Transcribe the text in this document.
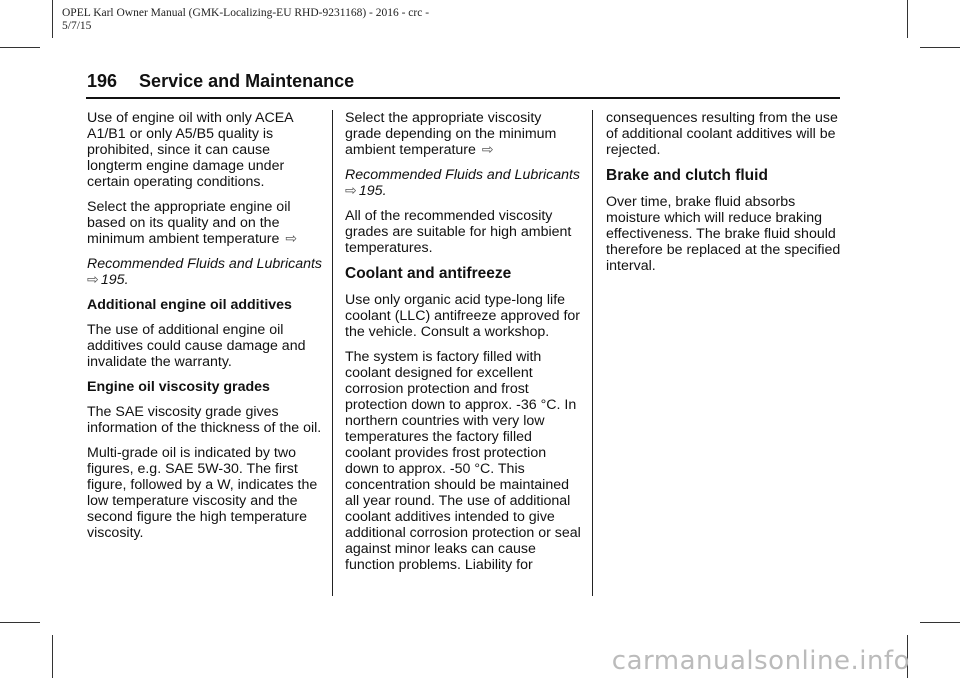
OPEL Karl Owner Manual (GMK-Localizing-EU RHD-9231168) - 2016 - crc -
5/7/15
196 Service and Maintenance

Use of engine oil with only ACEA A1/B1 or only A5/B5 quality is prohibited, since it can cause longterm engine damage under certain operating conditions.

Select the appropriate engine oil based on its quality and on the minimum ambient temperature ⇨

Recommended Fluids and Lubricants ⇨ 195.

Additional engine oil additives

The use of additional engine oil additives could cause damage and invalidate the warranty.

Engine oil viscosity grades

The SAE viscosity grade gives information of the thickness of the oil.

Multi-grade oil is indicated by two figures, e.g. SAE 5W-30. The first figure, followed by a W, indicates the low temperature viscosity and the second figure the high temperature viscosity.

Select the appropriate viscosity grade depending on the minimum ambient temperature ⇨

Recommended Fluids and Lubricants ⇨ 195.

All of the recommended viscosity grades are suitable for high ambient temperatures.

Coolant and antifreeze

Use only organic acid type-long life coolant (LLC) antifreeze approved for the vehicle. Consult a workshop.

The system is factory filled with coolant designed for excellent corrosion protection and frost protection down to approx. -36 °C. In northern countries with very low temperatures the factory filled coolant provides frost protection down to approx. -50 °C. This concentration should be maintained all year round. The use of additional coolant additives intended to give additional corrosion protection or seal against minor leaks can cause function problems. Liability for

consequences resulting from the use of additional coolant additives will be rejected.

Brake and clutch fluid

Over time, brake fluid absorbs moisture which will reduce braking effectiveness. The brake fluid should therefore be replaced at the specified interval.

carmanualsonline.info
